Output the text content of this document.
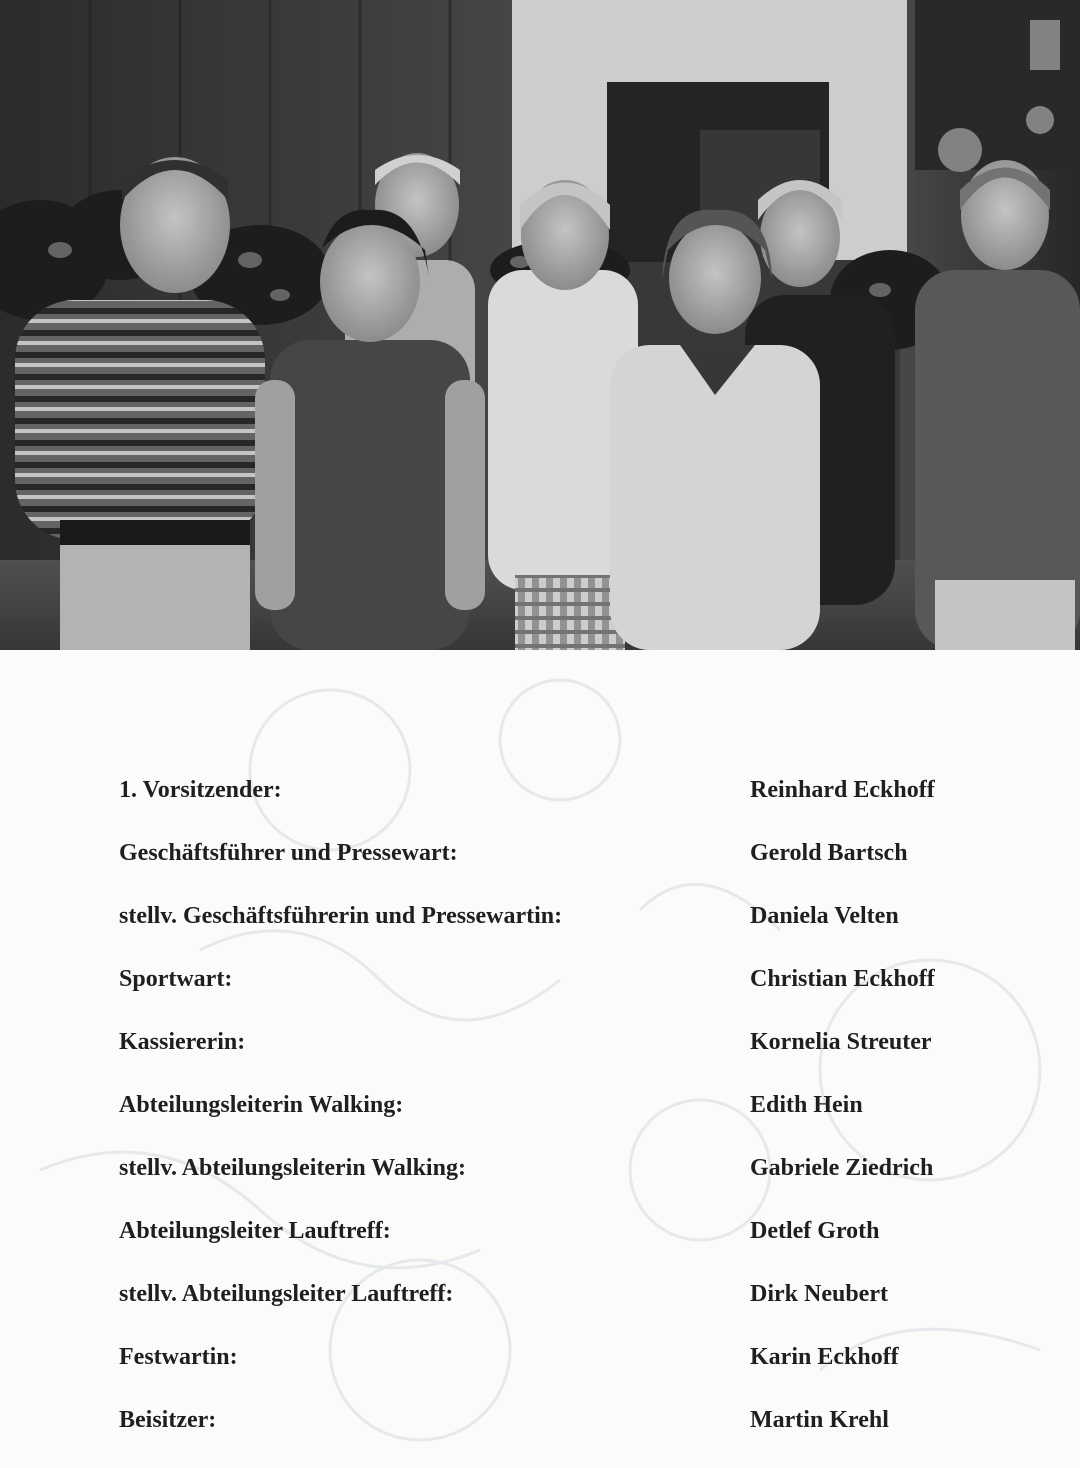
1. Vorsitzender:	Reinhard Eckhoff
Geschäftsführer und Pressewart:	Gerold Bartsch
stellv. Geschäftsführerin und Pressewartin:	Daniela Velten
Sportwart:	Christian Eckhoff
Kassiererin:	Kornelia Streuter
Abteilungsleiterin Walking:	Edith Hein
stellv. Abteilungsleiterin Walking:	Gabriele Ziedrich
Abteilungsleiter Lauftreff:	Detlef Groth
stellv. Abteilungsleiter Lauftreff:	Dirk Neubert
Festwartin:	Karin Eckhoff
Beisitzer:	Martin Krehl
